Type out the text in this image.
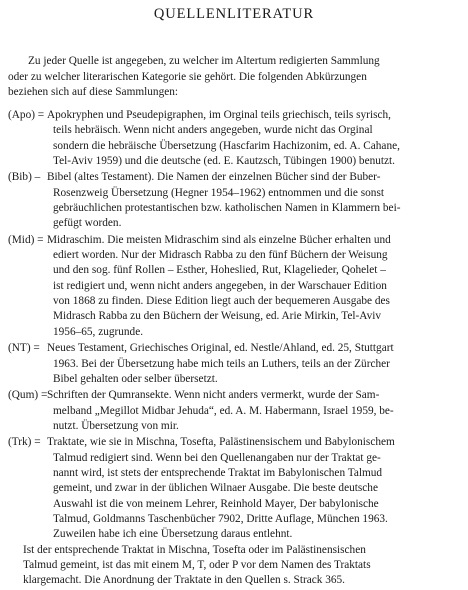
QUELLENLITERATUR
Zu jeder Quelle ist angegeben, zu welcher im Altertum redigierten Sammlung
oder zu welcher literarischen Kategorie sie gehört. Die folgenden Abkürzungen
beziehen sich auf diese Sammlungen:
(Apo) = Apokryphen und Pseudepigraphen, im Orginal teils griechisch, teils syrisch,
teils hebräisch. Wenn nicht anders angegeben, wurde nicht das Orginal
sondern die hebräische Übersetzung (Hascfarim Hachizonim, ed. A. Cahane,
Tel-Aviv 1959) und die deutsche (ed. E. Kautzsch, Tübingen 1900) benutzt.
(Bib) – Bibel (altes Testament). Die Namen der einzelnen Bücher sind der Buber-
Rosenzweig Übersetzung (Hegner 1954–1962) entnommen und die sonst
gebräuchlichen protestantischen bzw. katholischen Namen in Klammern bei-
gefügt worden.
(Mid) = Midraschim. Die meisten Midraschim sind als einzelne Bücher erhalten und
ediert worden. Nur der Midrasch Rabba zu den fünf Büchern der Weisung
und den sog. fünf Rollen – Esther, Hoheslied, Rut, Klagelieder, Qohelet –
ist redigiert und, wenn nicht anders angegeben, in der Warschauer Edition
von 1868 zu finden. Diese Edition liegt auch der bequemeren Ausgabe des
Midrasch Rabba zu den Büchern der Weisung, ed. Arie Mirkin, Tel-Aviv
1956–65, zugrunde.
(NT) = Neues Testament, Griechisches Original, ed. Nestle/Ahland, ed. 25, Stuttgart
1963. Bei der Übersetzung habe mich teils an Luthers, teils an der Zürcher
Bibel gehalten oder selber übersetzt.
(Qum) = Schriften der Qumransekte. Wenn nicht anders vermerkt, wurde der Sam-
melband „Megillot Midbar Jehuda“, ed. A. M. Habermann, Israel 1959, be-
nutzt. Übersetzung von mir.
(Trk) = Traktate, wie sie in Mischna, Tosefta, Palästinensischem und Babylonischem
Talmud redigiert sind. Wenn bei den Quellenangaben nur der Traktat ge-
nannt wird, ist stets der entsprechende Traktat im Babylonischen Talmud
gemeint, und zwar in der üblichen Wilnaer Ausgabe. Die beste deutsche
Auswahl ist die von meinem Lehrer, Reinhold Mayer, Der babylonische
Talmud, Goldmanns Taschenbücher 7902, Dritte Auflage, München 1963.
Zuweilen habe ich eine Übersetzung daraus entlehnt.
Ist der entsprechende Traktat in Mischna, Tosefta oder im Palästinensischen
Talmud gemeint, ist das mit einem M, T, oder P vor dem Namen des Traktats
klargemacht. Die Anordnung der Traktate in den Quellen s. Strack 365.
